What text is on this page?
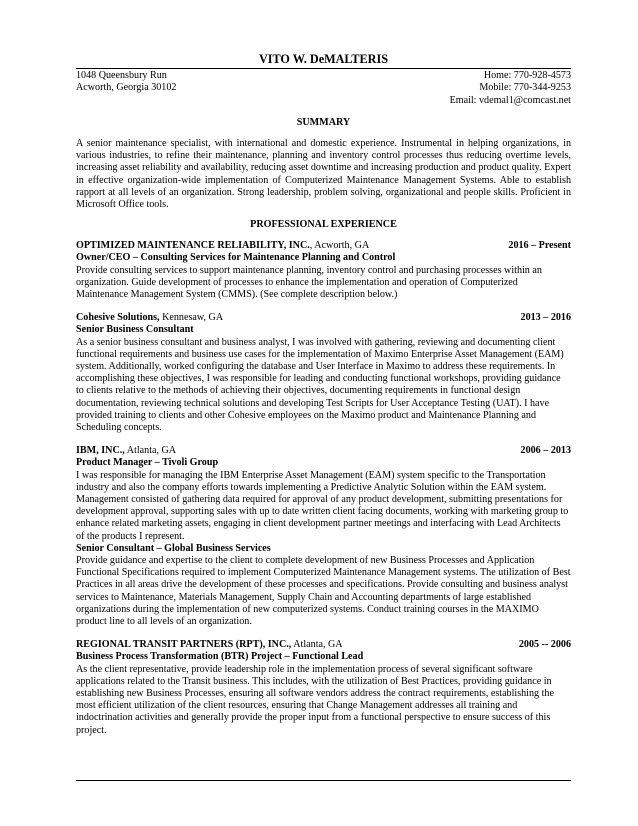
VITO W. DeMALTERIS
1048 Queensbury Run
Acworth, Georgia 30102
Home: 770-928-4573
Mobile: 770-344-9253
Email: vdemal1@comcast.net
SUMMARY

A senior maintenance specialist, with international and domestic experience. Instrumental in helping organizations, in various industries, to refine their maintenance, planning and inventory control processes thus reducing overtime levels, increasing asset reliability and availability, reducing asset downtime and increasing production and product quality. Expert in effective organization-wide implementation of Computerized Maintenance Management Systems. Able to establish rapport at all levels of an organization. Strong leadership, problem solving, organizational and people skills. Proficient in Microsoft Office tools.

PROFESSIONAL EXPERIENCE
OPTIMIZED MAINTENANCE RELIABILITY, INC., Acworth, GA	2016 – Present
Owner/CEO – Consulting Services for Maintenance Planning and Control

Provide consulting services to support maintenance planning, inventory control and purchasing processes within an organization. Guide development of processes to enhance the implementation and operation of Computerized Maintenance Management System (CMMS). (See complete description below.)

Cohesive Solutions, Kennesaw, GA	2013 – 2016
Senior Business Consultant

As a senior business consultant and business analyst, I was involved with gathering, reviewing and documenting client functional requirements and business use cases for the implementation of Maximo Enterprise Asset Management (EAM) system. Additionally, worked configuring the database and User Interface in Maximo to address these requirements. In accomplishing these objectives, I was responsible for leading and conducting functional workshops, providing guidance to clients relative to the methods of achieving their objectives, documenting requirements in functional design documentation, reviewing technical solutions and developing Test Scripts for User Acceptance Testing (UAT). I have provided training to clients and other Cohesive employees on the Maximo product and Maintenance Planning and Scheduling concepts.

IBM, INC., Atlanta, GA	2006 – 2013
Product Manager – Tivoli Group

I was responsible for managing the IBM Enterprise Asset Management (EAM) system specific to the Transportation industry and also the company efforts towards implementing a Predictive Analytic Solution within the EAM system. Management consisted of gathering data required for approval of any product development, submitting presentations for development approval, supporting sales with up to date written client facing documents, working with marketing group to enhance related marketing assets, engaging in client development partner meetings and interfacing with Lead Architects of the products I represent.

Senior Consultant – Global Business Services

Provide guidance and expertise to the client to complete development of new Business Processes and Application Functional Specifications required to implement Computerized Maintenance Management systems. The utilization of Best Practices in all areas drive the development of these processes and specifications. Provide consulting and business analyst services to Maintenance, Materials Management, Supply Chain and Accounting departments of large established organizations during the implementation of new computerized systems. Conduct training courses in the MAXIMO product line to all levels of an organization.

REGIONAL TRANSIT PARTNERS (RPT), INC., Atlanta, GA	2005 -- 2006
Business Process Transformation (BTR) Project – Functional Lead

As the client representative, provide leadership role in the implementation process of several significant software applications related to the Transit business. This includes, with the utilization of Best Practices, providing guidance in establishing new Business Processes, ensuring all software vendors address the contract requirements, establishing the most efficient utilization of the client resources, ensuring that Change Management addresses all training and indoctrination activities and generally provide the proper input from a functional perspective to ensure success of this project.
